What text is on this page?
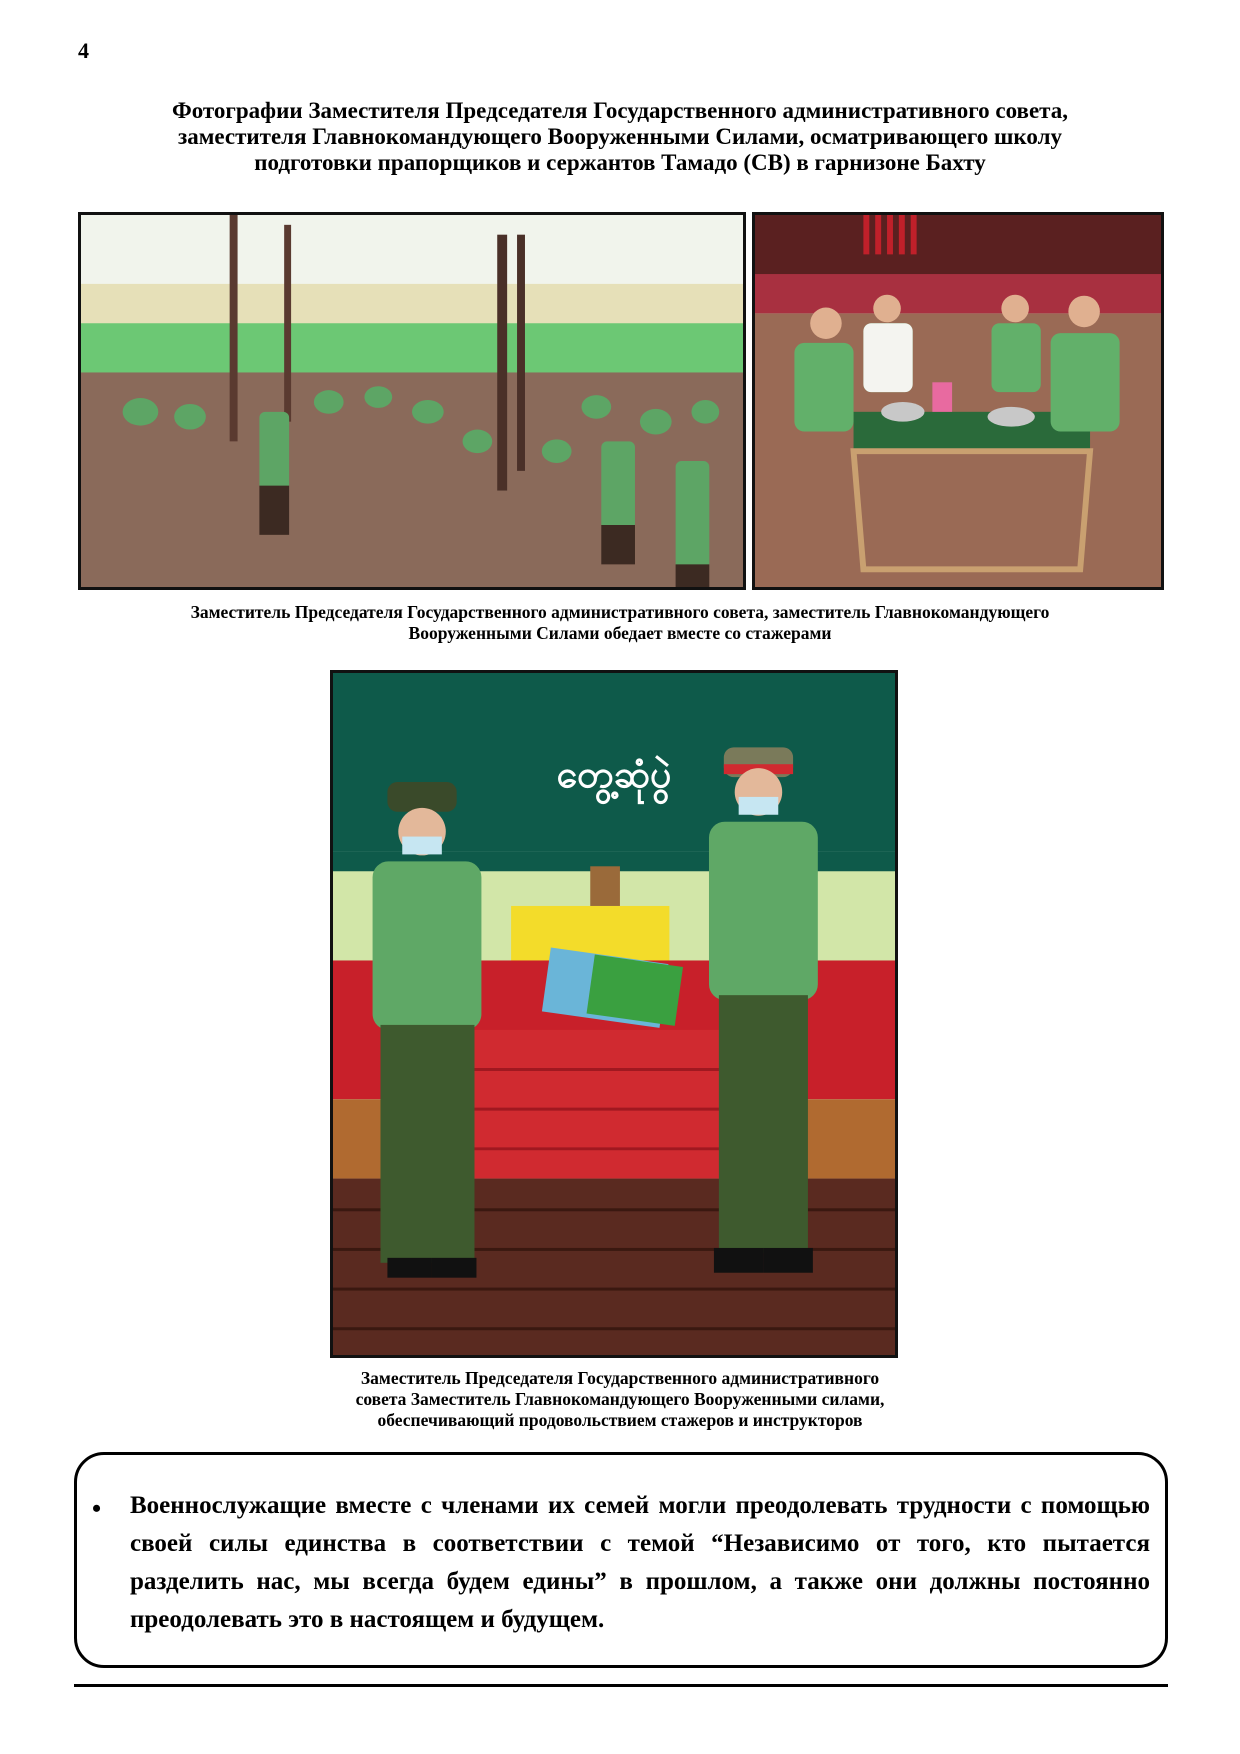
4
Фотографии Заместителя Председателя Государственного административного совета,
заместителя Главнокомандующего Вооруженными Силами, осматривающего школу
подготовки прапорщиков и сержантов Тамадо (СВ) в гарнизоне Бахту
Заместитель Председателя Государственного административного совета, заместитель Главнокомандующего
Вооруженными Силами обедает вместе со стажерами
တွေ့ဆုံပွဲ
Заместитель Председателя Государственного административного
совета Заместитель Главнокомандующего Вооруженными силами,
обеспечивающий продовольствием стажеров и инструкторов
• Военнослужащие вместе с членами их семей могли преодолевать трудности с помощью своей силы единства в соответствии с темой “Независимо от того, кто пытается разделить нас, мы всегда будем едины” в прошлом, а также они должны постоянно преодолевать это в настоящем и будущем.
